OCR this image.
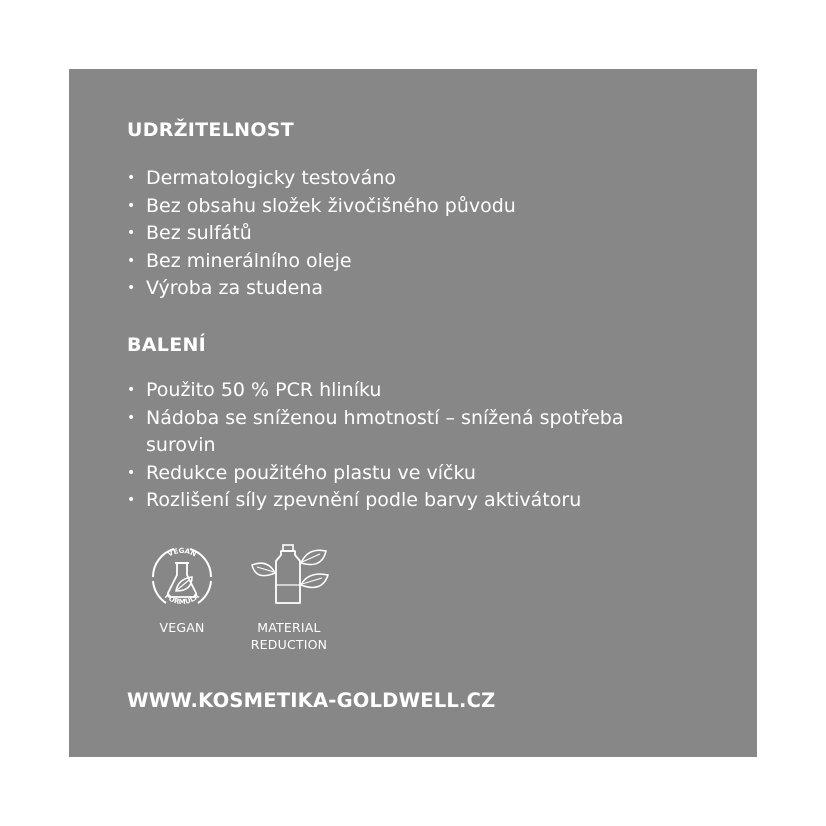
UDRŽITELNOST
• Dermatologicky testováno
• Bez obsahu složek živočišného původu
• Bez sulfátů
• Bez minerálního oleje
• Výroba za studena
BALENÍ
• Použito 50 % PCR hliníku
• Nádoba se sníženou hmotností – snížená spotřeba surovin
• Redukce použitého plastu ve víčku
• Rozlišení síly zpevnění podle barvy aktivátoru
VEGAN
FORMULA
VEGAN	MATERIAL
REDUCTION

WWW.KOSMETIKA-GOLDWELL.CZ
